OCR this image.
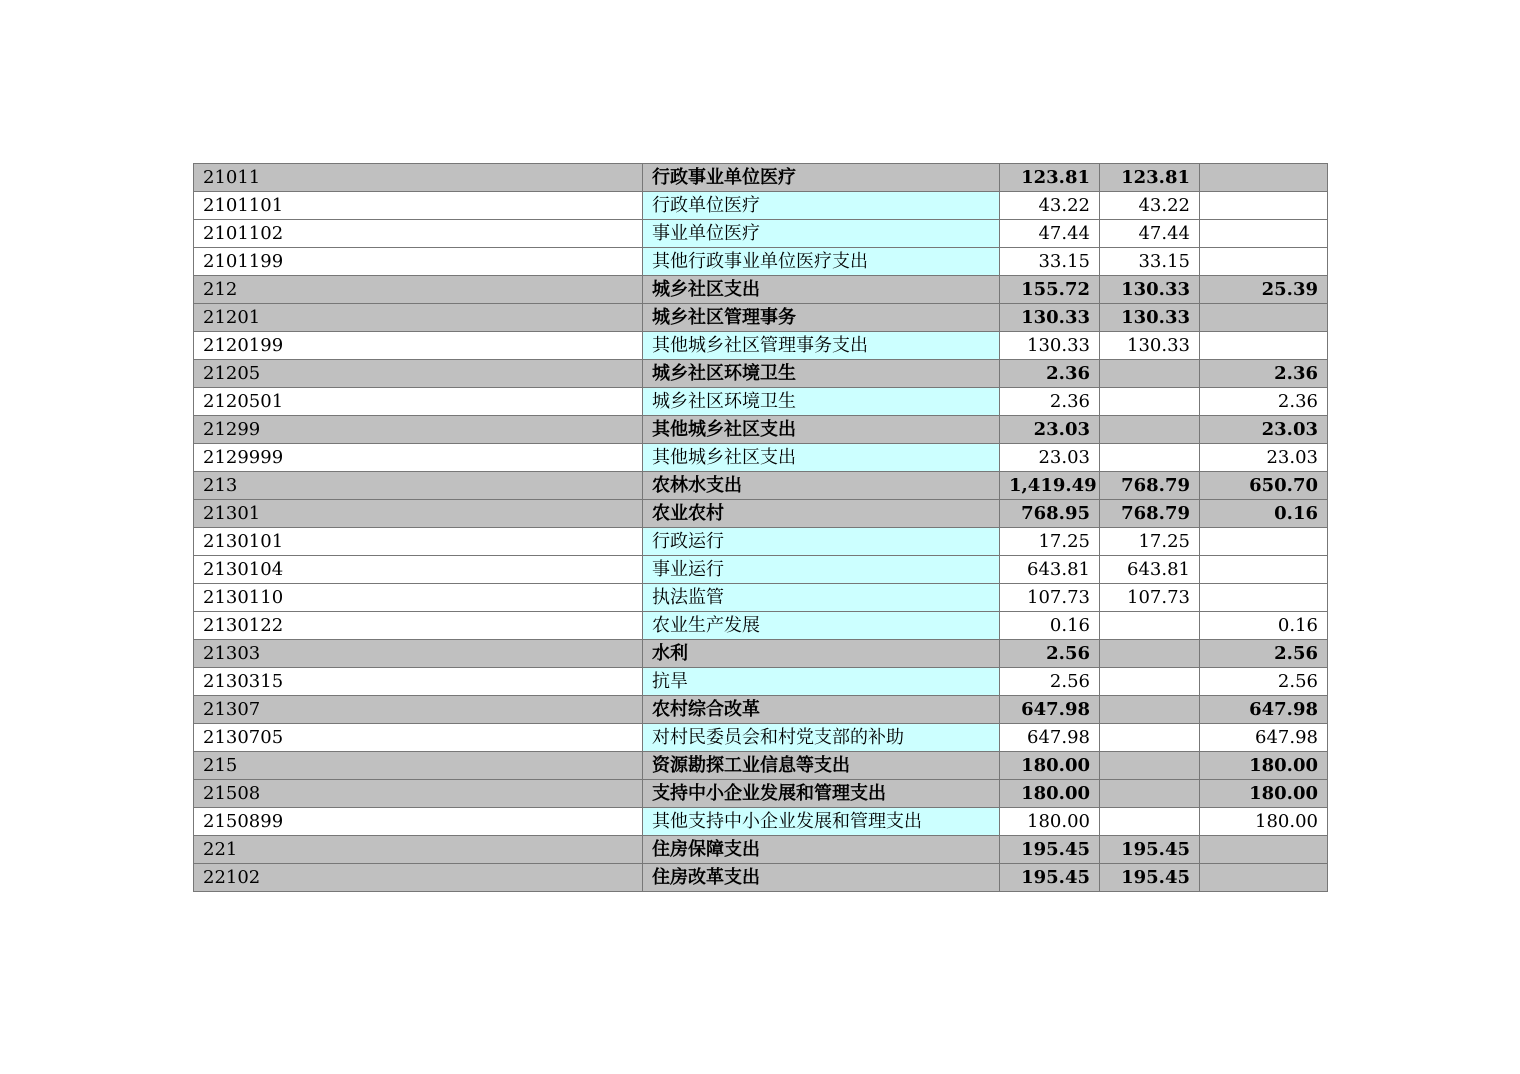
21011	行政事业单位医疗	123.81	123.81	
2101101	行政单位医疗	43.22	43.22	
2101102	事业单位医疗	47.44	47.44	
2101199	其他行政事业单位医疗支出	33.15	33.15	
212	城乡社区支出	155.72	130.33	25.39
21201	城乡社区管理事务	130.33	130.33	
2120199	其他城乡社区管理事务支出	130.33	130.33	
21205	城乡社区环境卫生	2.36		2.36
2120501	城乡社区环境卫生	2.36		2.36
21299	其他城乡社区支出	23.03		23.03
2129999	其他城乡社区支出	23.03		23.03
213	农林水支出	1,419.49	768.79	650.70
21301	农业农村	768.95	768.79	0.16
2130101	行政运行	17.25	17.25	
2130104	事业运行	643.81	643.81	
2130110	执法监管	107.73	107.73	
2130122	农业生产发展	0.16		0.16
21303	水利	2.56		2.56
2130315	抗旱	2.56		2.56
21307	农村综合改革	647.98		647.98
2130705	对村民委员会和村党支部的补助	647.98		647.98
215	资源勘探工业信息等支出	180.00		180.00
21508	支持中小企业发展和管理支出	180.00		180.00
2150899	其他支持中小企业发展和管理支出	180.00		180.00
221	住房保障支出	195.45	195.45	
22102	住房改革支出	195.45	195.45	
